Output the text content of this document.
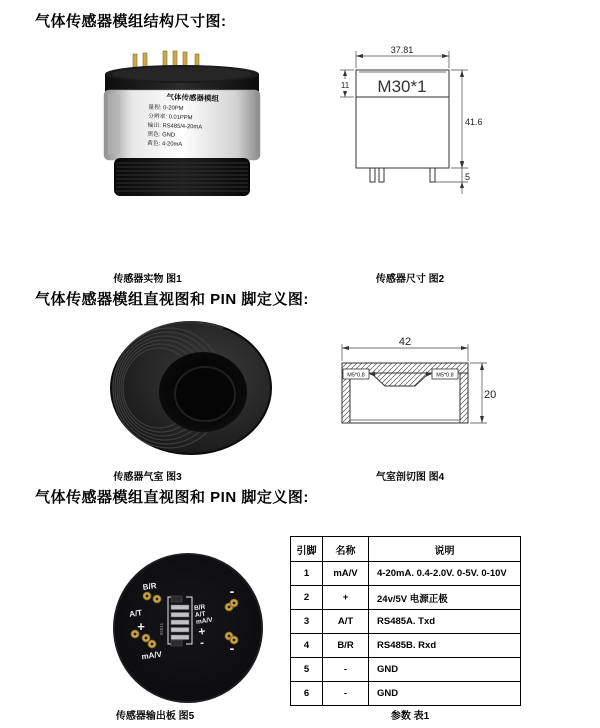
气体传感器模组结构尺寸图:
气体传感器模组
量程: 0-20PM
分辨率: 0.01PPM
输出: RS485/4-20mA
黑色: GND
黄色: 4-20mA
M30*1
37.81
11
41.6
5
传感器实物 图1	传感器尺寸 图2
气体传感器模组直视图和 PIN 脚定义图:
M5*0.8	M5*0.8
42
20
传感器气室 图3	气室剖切图 图4
气体传感器模组直视图和 PIN 脚定义图:
B/R
A/T
+
mA/V
-
-
B/R
A/T
mA/V
+
-
65011
引脚	名称	说明
1	mA/V	4-20mA. 0.4-2.0V. 0-5V. 0-10V
2	+	24v/5V 电源正极
3	A/T	RS485A. Txd
4	B/R	RS485B. Rxd
5	-	GND
6	-	GND
传感器输出板 图5	参数 表1
